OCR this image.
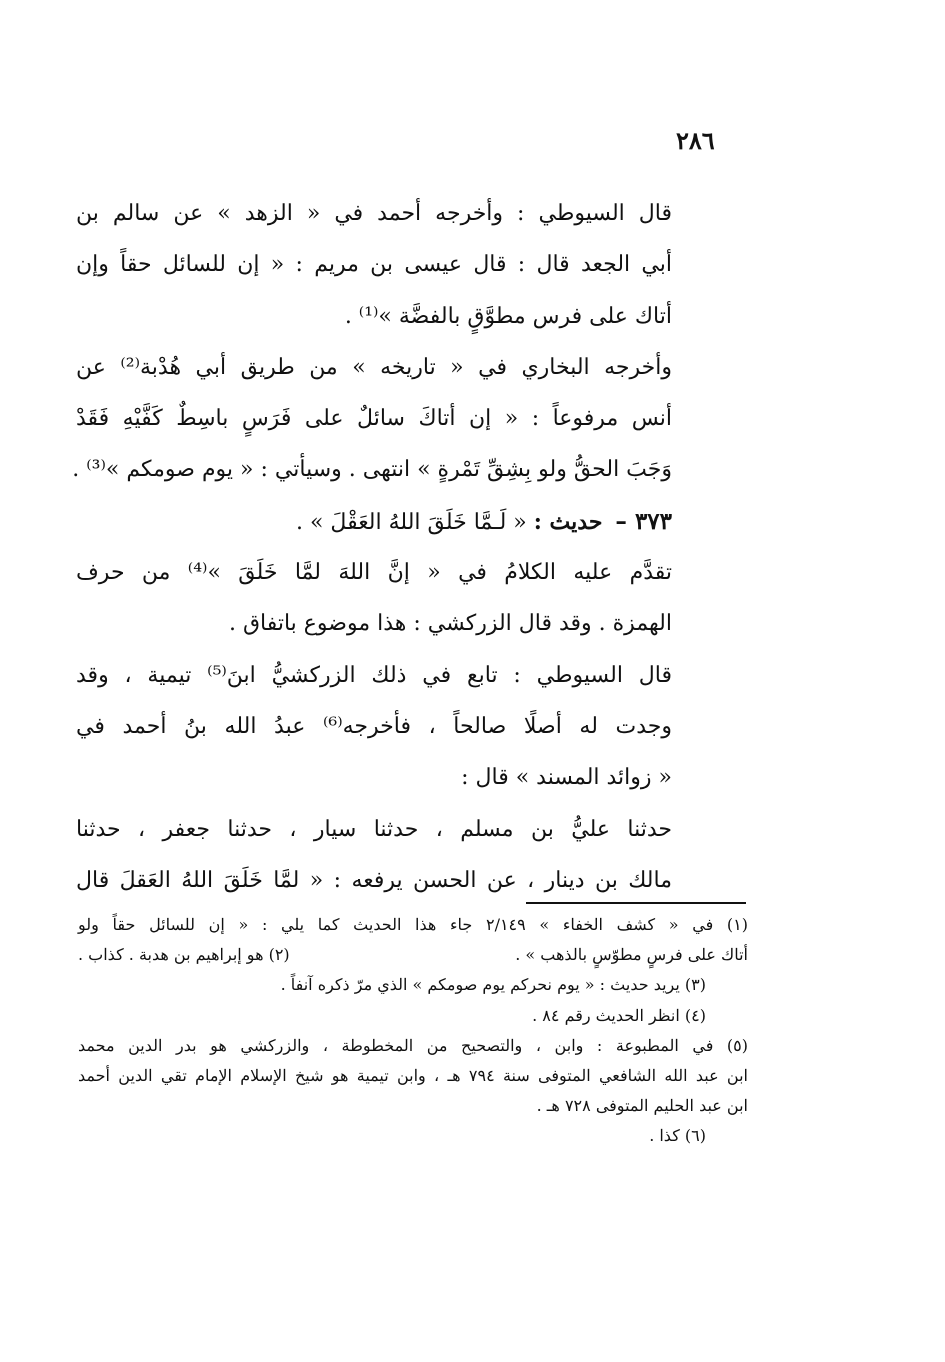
٢٨٦
قال السيوطي : وأخرجه أحمد في « الزهد » عن سالم بن
أبي الجعد قال : قال عيسى بن مريم : « إن للسائل حقاً وإن
أتاك على فرس مطوَّقٍ بالفضَّة »⁽¹⁾ .
وأخرجه البخاري في « تاريخه » من طريق أبي هُدْبة⁽²⁾ عن
أنس مرفوعاً : « إن أتاكَ سائلٌ على فَرَسٍ باسِطٌ كَفَّيْهِ فَقَدْ
وَجَبَ الحقُّ ولو بِشِقِّ تَمْرةٍ » انتهى . وسيأتي : « يوم صومكم »⁽³⁾ .
٣٧٣ – حديث : « لَـمَّا خَلَقَ اللهُ العَقْلَ » .
تقدَّم عليه الكلامُ في « إنَّ اللهَ لمَّا خَلَقَ »⁽⁴⁾ من حرف
الهمزة . وقد قال الزركشي : هذا موضوع باتفاق .
قال السيوطي : تابع في ذلك الزركشيُّ ابنَ⁽⁵⁾ تيمية ، وقد
وجدت له أصلًا صالحاً ، فأخرجه⁽⁶⁾ عبدُ الله بنُ أحمد في
« زوائد المسند » قال :
حدثنا عليُّ بن مسلم ، حدثنا سيار ، حدثنا جعفر ، حدثنا
مالك بن دينار ، عن الحسن يرفعه : « لمَّا خَلَقَ اللهُ العَقلَ قال
(١) في « كشف الخفاء » ٢/١٤٩ جاء هذا الحديث كما يلي : « إن للسائل حقاً ولو
أتاك على فرسٍ مطوّسٍ بالذهب » .
(٢) هو إبراهيم بن هدبة . كذاب .
(٣) يريد حديث : « يوم نحركم يوم صومكم » الذي مرّ ذكره آنفاً .
(٤) انظر الحديث رقم ٨٤ .
(٥) في المطبوعة : وابن ، والتصحيح من المخطوطة ، والزركشي هو بدر الدين محمد
ابن عبد الله الشافعي المتوفى سنة ٧٩٤ هـ ، وابن تيمية هو شيخ الإسلام الإمام تقي الدين أحمد
ابن عبد الحليم المتوفى ٧٢٨ هـ .
(٦) كذا .
